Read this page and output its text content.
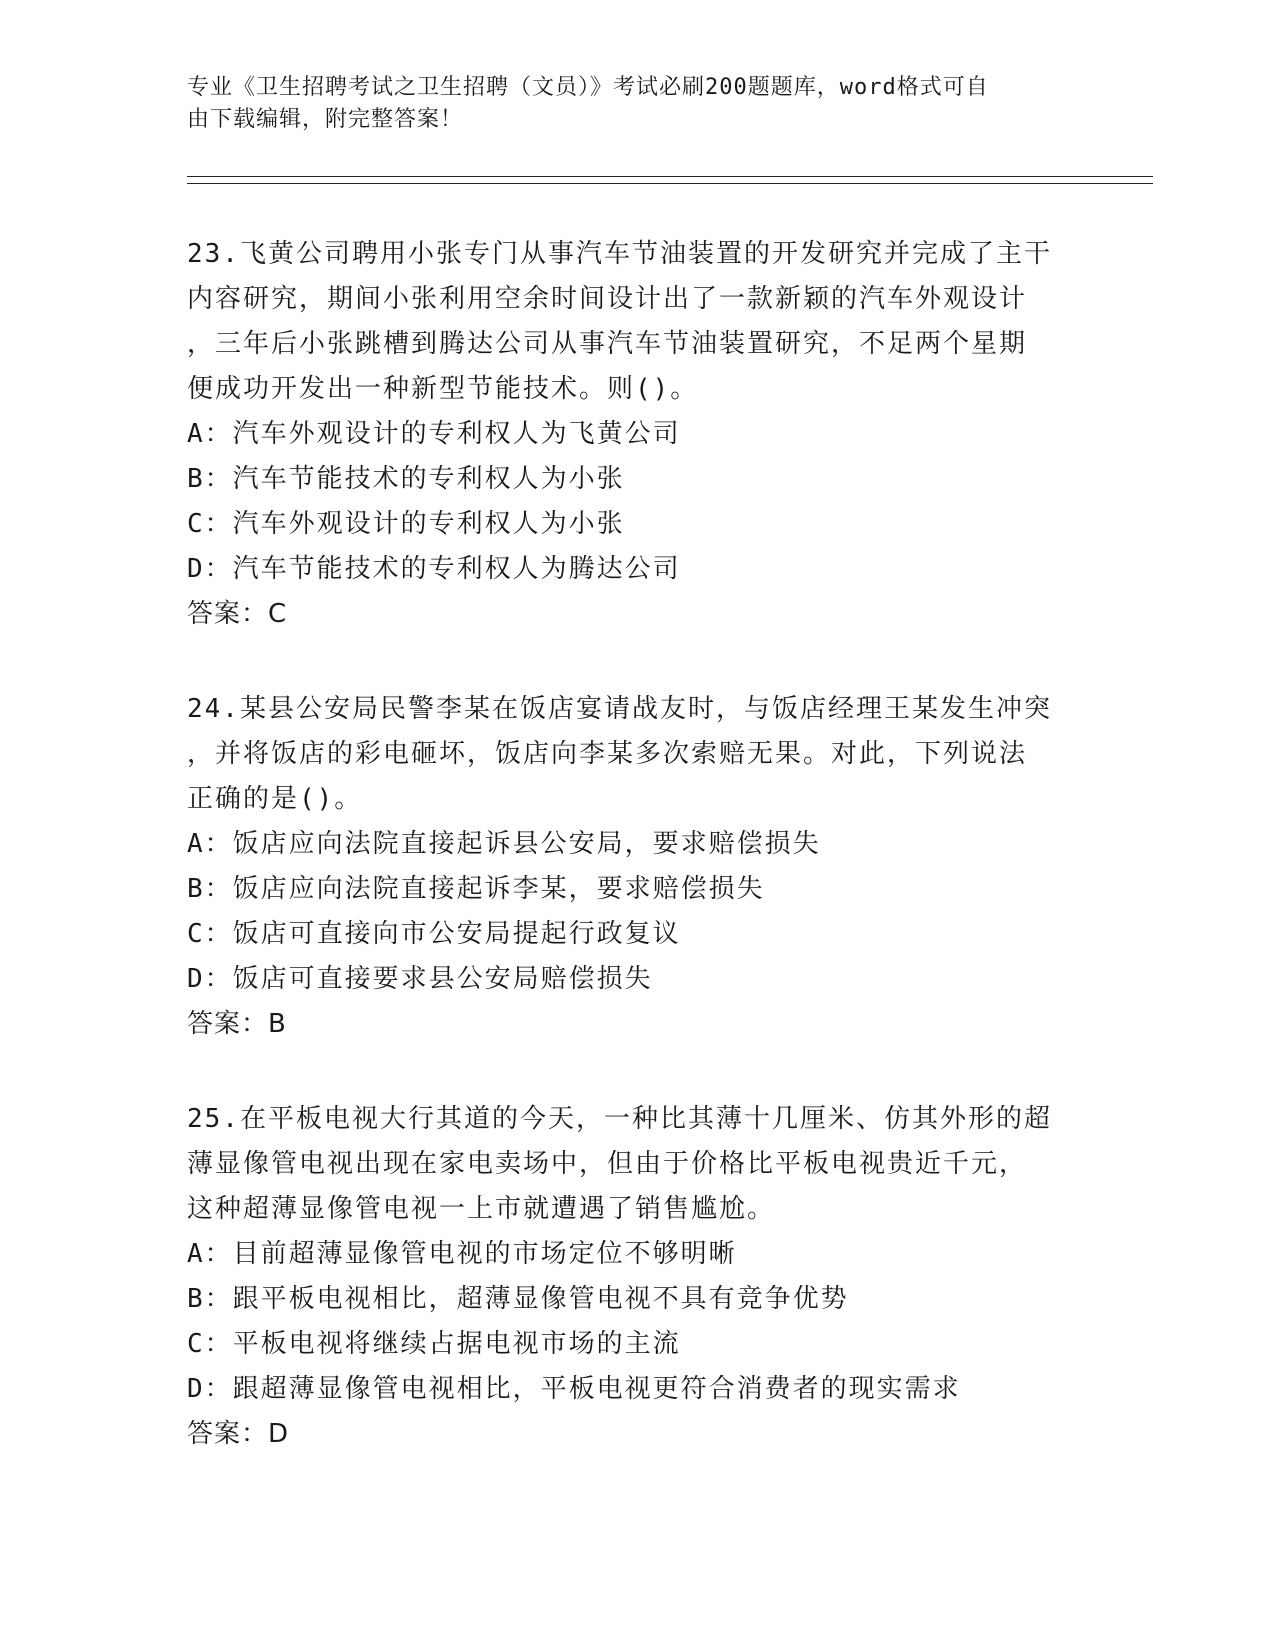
专业《卫生招聘考试之卫生招聘（文员）》考试必刷200题题库，word格式可自
由下载编辑，附完整答案！
23.飞黄公司聘用小张专门从事汽车节油装置的开发研究并完成了主干
内容研究，期间小张利用空余时间设计出了一款新颖的汽车外观设计
，三年后小张跳槽到腾达公司从事汽车节油装置研究，不足两个星期
便成功开发出一种新型节能技术。则()。
A：汽车外观设计的专利权人为飞黄公司
B：汽车节能技术的专利权人为小张
C：汽车外观设计的专利权人为小张
D：汽车节能技术的专利权人为腾达公司
答案：C
24.某县公安局民警李某在饭店宴请战友时，与饭店经理王某发生冲突
，并将饭店的彩电砸坏，饭店向李某多次索赔无果。对此，下列说法
正确的是()。
A：饭店应向法院直接起诉县公安局，要求赔偿损失
B：饭店应向法院直接起诉李某，要求赔偿损失
C：饭店可直接向市公安局提起行政复议
D：饭店可直接要求县公安局赔偿损失
答案：B
25.在平板电视大行其道的今天，一种比其薄十几厘米、仿其外形的超
薄显像管电视出现在家电卖场中，但由于价格比平板电视贵近千元，
这种超薄显像管电视一上市就遭遇了销售尴尬。
A：目前超薄显像管电视的市场定位不够明晰
B：跟平板电视相比，超薄显像管电视不具有竞争优势
C：平板电视将继续占据电视市场的主流
D：跟超薄显像管电视相比，平板电视更符合消费者的现实需求
答案：D
